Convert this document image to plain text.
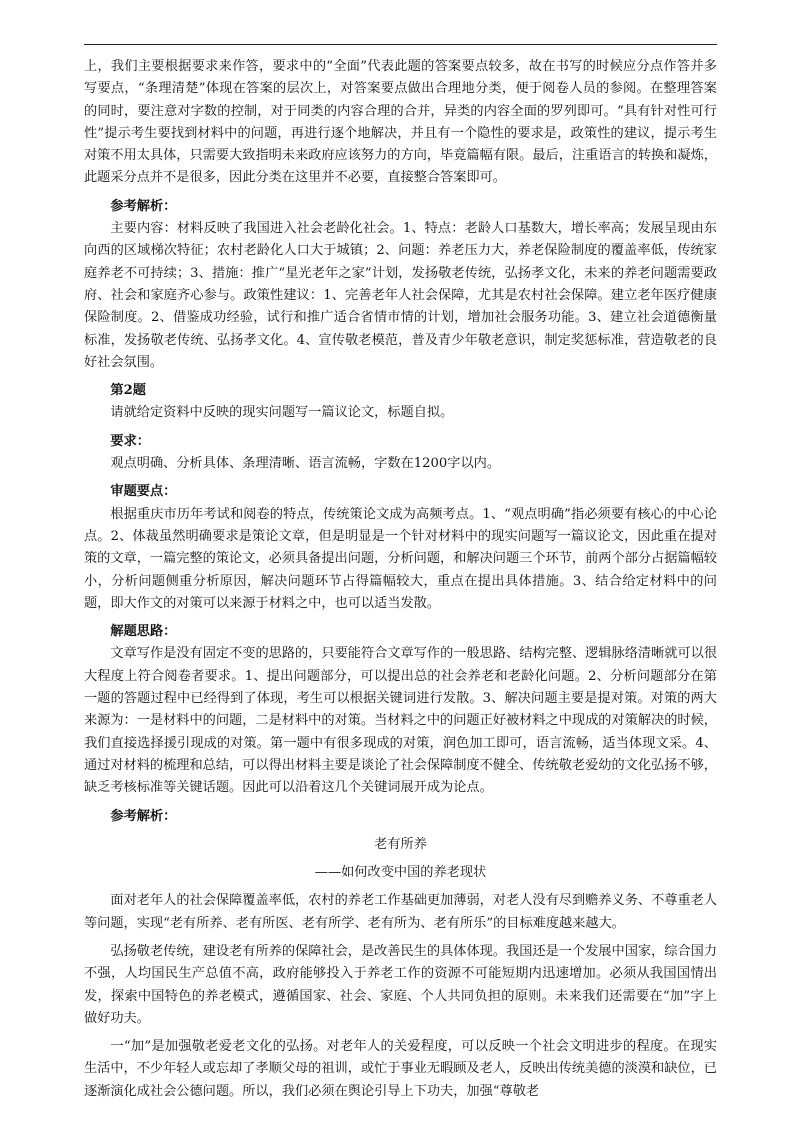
上，我们主要根据要求来作答，要求中的“全面”代表此题的答案要点较多，故在书写的时候应分点作答并多写要点，“条理清楚”体现在答案的层次上，对答案要点做出合理地分类，便于阅卷人员的参阅。在整理答案的同时，要注意对字数的控制，对于同类的内容合理的合并，异类的内容全面的罗列即可。“具有针对性可行性”提示考生要找到材料中的问题，再进行逐个地解决，并且有一个隐性的要求是，政策性的建议，提示考生对策不用太具体，只需要大致指明未来政府应该努力的方向，毕竟篇幅有限。最后，注重语言的转换和凝炼，此题采分点并不是很多，因此分类在这里并不必要，直接整合答案即可。

参考解析：

主要内容：材料反映了我国进入社会老龄化社会。1、特点：老龄人口基数大，增长率高；发展呈现由东向西的区域梯次特征；农村老龄化人口大于城镇；2、问题：养老压力大，养老保险制度的覆盖率低，传统家庭养老不可持续；3、措施：推广“星光老年之家”计划，发扬敬老传统，弘扬孝文化，未来的养老问题需要政府、社会和家庭齐心参与。政策性建议：1、完善老年人社会保障，尤其是农村社会保障。建立老年医疗健康保险制度。2、借鉴成功经验，试行和推广适合省情市情的计划，增加社会服务功能。3、建立社会道德衡量标准，发扬敬老传统、弘扬孝文化。4、宣传敬老模范，普及青少年敬老意识，制定奖惩标准，营造敬老的良好社会氛围。

第2题

请就给定资料中反映的现实问题写一篇议论文，标题自拟。

要求：

观点明确、分析具体、条理清晰、语言流畅，字数在1200字以内。

审题要点：

根据重庆市历年考试和阅卷的特点，传统策论文成为高频考点。1、“观点明确”指必须要有核心的中心论点。2、体裁虽然明确要求是策论文章，但是明显是一个针对材料中的现实问题写一篇议论文，因此重在提对策的文章，一篇完整的策论文，必须具备提出问题，分析问题，和解决问题三个环节，前两个部分占据篇幅较小，分析问题侧重分析原因，解决问题环节占得篇幅较大，重点在提出具体措施。3、结合给定材料中的问题，即大作文的对策可以来源于材料之中，也可以适当发散。

解题思路：

文章写作是没有固定不变的思路的，只要能符合文章写作的一般思路、结构完整、逻辑脉络清晰就可以很大程度上符合阅卷者要求。1、提出问题部分，可以提出总的社会养老和老龄化问题。2、分析问题部分在第一题的答题过程中已经得到了体现，考生可以根据关键词进行发散。3、解决问题主要是提对策。对策的两大来源为：一是材料中的问题，二是材料中的对策。当材料之中的问题正好被材料之中现成的对策解决的时候，我们直接选择援引现成的对策。第一题中有很多现成的对策，润色加工即可，语言流畅，适当体现文采。4、通过对材料的梳理和总结，可以得出材料主要是谈论了社会保障制度不健全、传统敬老爱幼的文化弘扬不够，缺乏考核标准等关键话题。因此可以沿着这几个关键词展开成为论点。

参考解析：

老有所养

——如何改变中国的养老现状

面对老年人的社会保障覆盖率低，农村的养老工作基础更加薄弱，对老人没有尽到赡养义务、不尊重老人等问题，实现“老有所养、老有所医、老有所学、老有所为、老有所乐”的目标难度越来越大。

弘扬敬老传统，建设老有所养的保障社会，是改善民生的具体体现。我国还是一个发展中国家，综合国力不强，人均国民生产总值不高，政府能够投入于养老工作的资源不可能短期内迅速增加。必须从我国国情出发，探索中国特色的养老模式，遵循国家、社会、家庭、个人共同负担的原则。未来我们还需要在“加”字上做好功夫。

一“加”是加强敬老爱老文化的弘扬。对老年人的关爱程度，可以反映一个社会文明进步的程度。在现实生活中，不少年轻人或忘却了孝顺父母的祖训，或忙于事业无暇顾及老人，反映出传统美德的淡漠和缺位，已逐渐演化成社会公德问题。所以，我们必须在舆论引导上下功夫，加强“尊敬老
